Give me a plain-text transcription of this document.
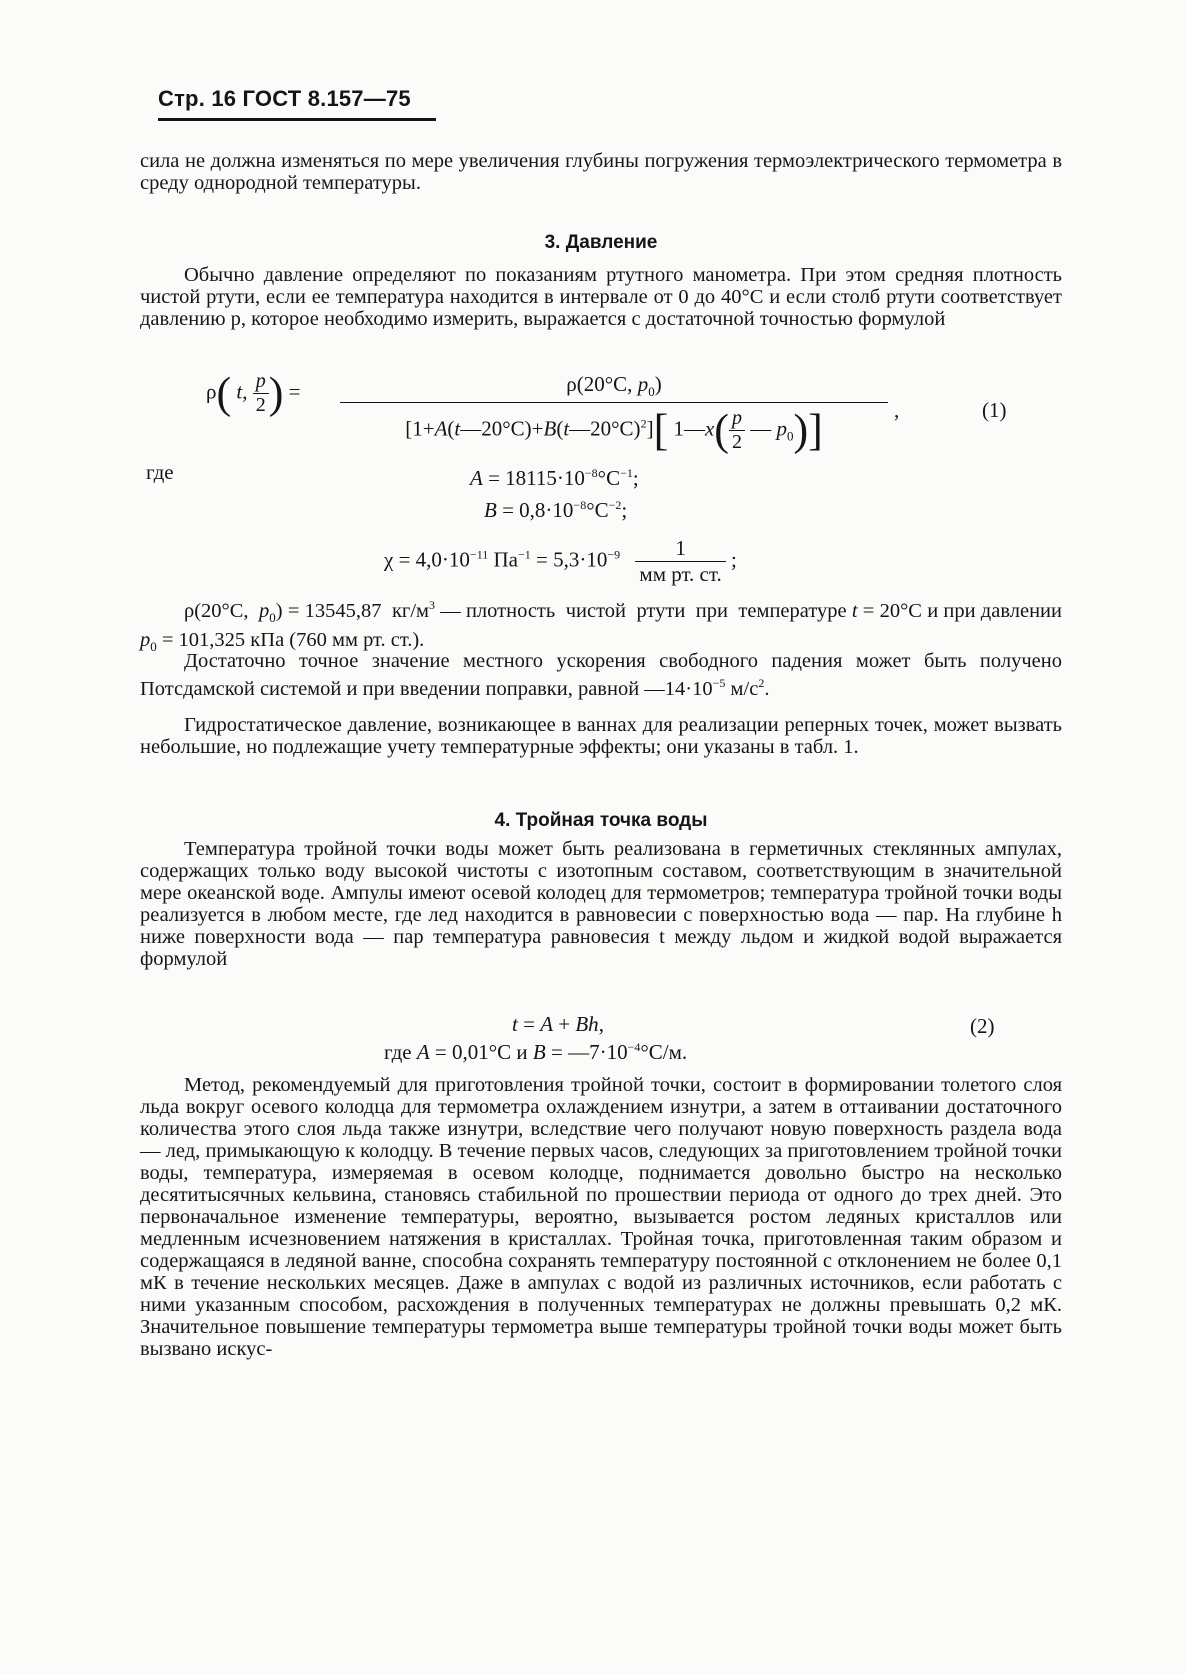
Стр. 16 ГОСТ 8.157—75
сила не должна изменяться по мере увеличения глубины погружения термоэлектрического термометра в среду однородной температуры.
3. Давление
Обычно давление определяют по показаниям ртутного манометра. При этом средняя плотность чистой ртути, если ее температура находится в интервале от 0 до 40°C и если столб ртути соответствует давлению p, которое необходимо измерить, выражается с достаточной точностью формулой
ρ( t, $\frac{p}{2}$ ) = $\frac{\rho(20^\circ C, p_0)}{[1+A(t—20^\circ C)+B(t—20^\circ C)^2][ 1—x( \frac{p}{2} — p_0)]}$ ,	(1)
где	$A = 18115\cdot 10^{-8}^\circ C^{-1}$;
$B = 0,8\cdot 10^{-8}^\circ C^{-2}$;
$\chi = 4,0\cdot 10^{-11}$ $Па^{-1} = 5,3\cdot 10^{-9} \frac{1}{\text{мм рт. ст.}}$ ;
ρ(20°C,  $p_0) = 13545,87$  $кг/м^3$ — плотность  чистой  ртути  при  температуре t = 20°C и при давлении $p_0 = 101,325$ кПа (760 мм рт. ст.).
Достаточно точное значение местного ускорения свободного падения может быть получено Потсдамской системой и при введении поправки, равной $—14\cdot 10^{-5}$ $м/с^2$.
Гидростатическое давление, возникающее в ваннах для реализации реперных точек, может вызвать небольшие, но подлежащие учету температурные эффекты; они указаны в табл. 1.
4. Тройная точка воды
Температура тройной точки воды может быть реализована в герметичных стеклянных ампулах, содержащих только воду высокой чистоты с изотопным составом, соответствующим в значительной мере океанской воде. Ампулы имеют осевой колодец для термометров; температура тройной точки воды реализуется в любом месте, где лед находится в равновесии с поверхностью вода — пар. На глубине h ниже поверхности вода — пар температура равновесия t между льдом и жидкой водой выражается формулой
t = A + Bh,	(2)
где A = 0,01°C и $B = —7\cdot 10^{-4}^\circ C/м$.
Метод, рекомендуемый для приготовления тройной точки, состоит в формировании толетого слоя льда вокруг осевого колодца для термометра охлаждением изнутри, а затем в оттаивании достаточного количества этого слоя льда также изнутри, вследствие чего получают новую поверхность раздела вода — лед, примыкающую к колодцу. В течение первых часов, следующих за приготовлением тройной точки воды, температура, измеряемая в осевом колодце, поднимается довольно быстро на несколько десятитысячных кельвина, становясь стабильной по прошествии периода от одного до трех дней. Это первоначальное изменение температуры, вероятно, вызывается ростом ледяных кристаллов или медленным исчезновением натяжения в кристаллах. Тройная точка, приготовленная таким образом и содержащаяся в ледяной ванне, способна сохранять температуру постоянной с отклонением не более 0,1 мК в течение нескольких месяцев. Даже в ампулах с водой из различных источников, если работать с ними указанным способом, расхождения в полученных температурах не должны превышать 0,2 мК. Значительное повышение температуры термометра выше температуры тройной точки воды может быть вызвано искус-
